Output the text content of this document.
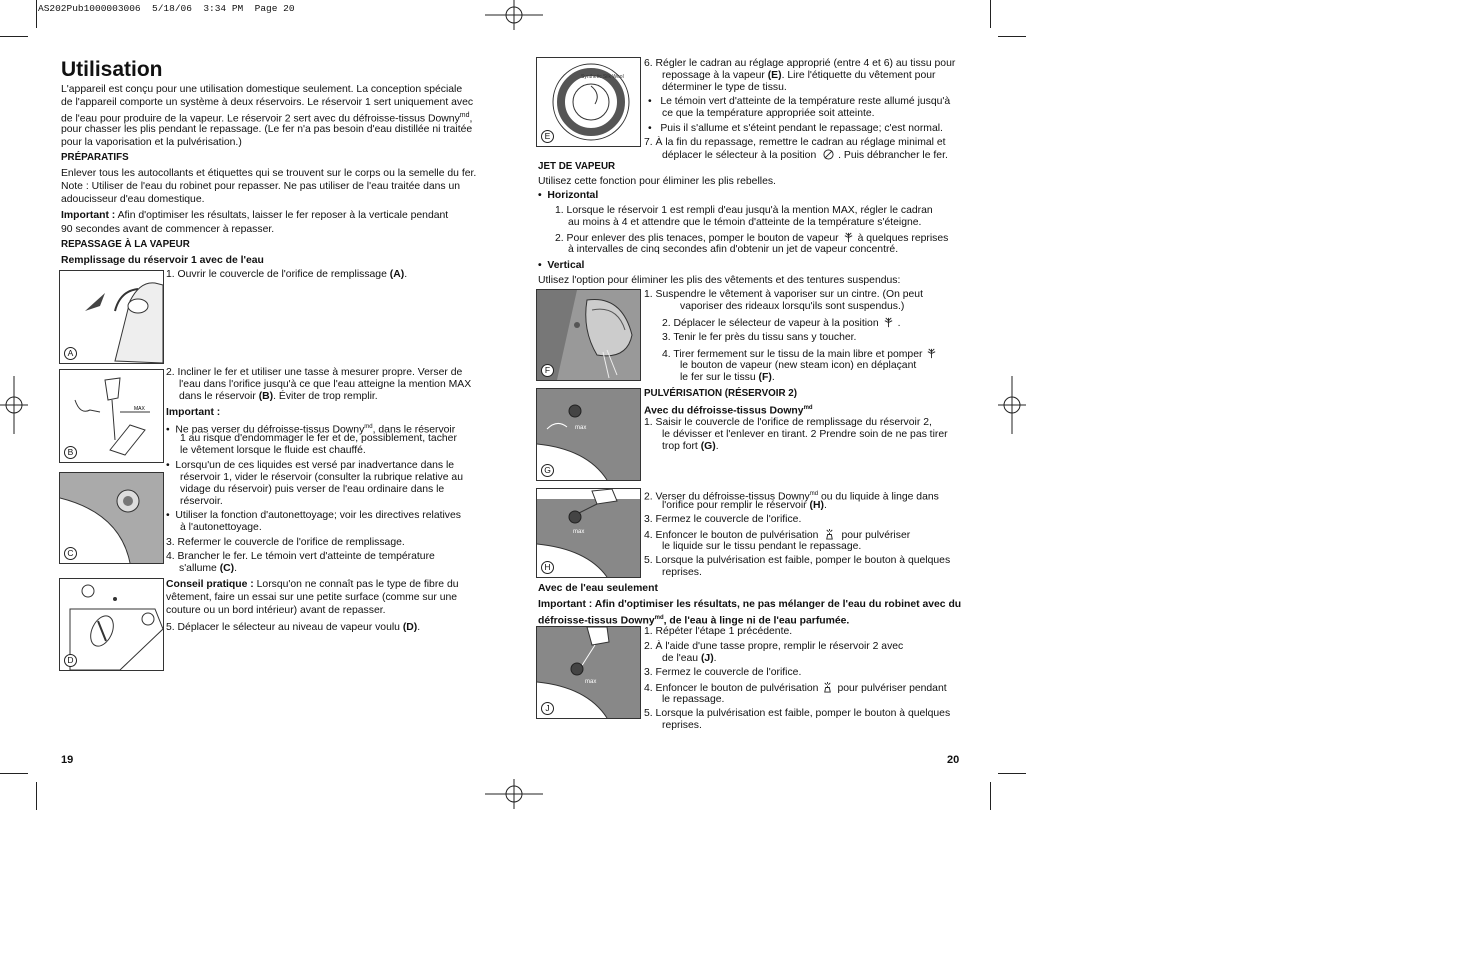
AS202Pub1000003006  5/18/06  3:34 PM  Page 20
Utilisation
L'appareil est conçu pour une utilisation domestique seulement. La conception spéciale
de l'appareil comporte un système à deux réservoirs. Le réservoir 1 sert uniquement avec
de l'eau pour produire de la vapeur. Le réservoir 2 sert avec du défroisse-tissus Downy$^{md}$,
pour chasser les plis pendant le repassage. (Le fer n'a pas besoin d'eau distillée ni traitée
pour la vaporisation et la pulvérisation.)
PRÉPARATIFS
Enlever tous les autocollants et étiquettes qui se trouvent sur le corps ou la semelle du fer.
Note : Utiliser de l'eau du robinet pour repasser. Ne pas utiliser de l'eau traitée dans un
adoucisseur d'eau domestique.
Important : Afin d'optimiser les résultats, laisser le fer reposer à la verticale pendant
90 secondes avant de commencer à repasser.
REPASSAGE À LA VAPEUR
Remplissage du réservoir 1 avec de l'eau
A
1. Ouvrir le couvercle de l'orifice de remplissage (A).
MAX
B
2. Incliner le fer et utiliser une tasse à mesurer propre. Verser de
l'eau dans l'orifice jusqu'à ce que l'eau atteigne la mention MAX
dans le réservoir (B). Éviter de trop remplir.
Important :
• Ne pas verser du défroisse-tissus Downy$^{md}$, dans le réservoir
1 au risque d'endommager le fer et de, possiblement, tacher
le vêtement lorsque le fluide est chauffé.
• Lorsqu'un de ces liquides est versé par inadvertance dans le
réservoir 1, vider le réservoir (consulter la rubrique relative au
vidage du réservoir) puis verser de l'eau ordinaire dans le
réservoir.
• Utiliser la fonction d'autonettoyage; voir les directives relatives
à l'autonettoyage.
C
3. Refermer le couvercle de l'orifice de remplissage.
4. Brancher le fer. Le témoin vert d'atteinte de température
s'allume (C).
D
Conseil pratique : Lorsqu'on ne connaît pas le type de fibre du
vêtement, faire un essai sur une petite surface (comme sur une
couture ou un bord intérieur) avant de repasser.
5. Déplacer le sélecteur au niveau de vapeur voulu (D).
19
Synthetic Silk Wool
E
6. Régler le cadran au réglage approprié (entre 4 et 6) au tissu pour
repossage à la vapeur (E). Lire l'étiquette du vêtement pour
déterminer le type de tissu.
• Le témoin vert d'atteinte de la température reste allumé jusqu'à
ce que la température appropriée soit atteinte.
• Puis il s'allume et s'éteint pendant le repassage; c'est normal.
7. À la fin du repassage, remettre le cadran au réglage minimal et
déplacer le sélecteur à la position . Puis débrancher le fer.
JET DE VAPEUR
Utilisez cette fonction pour éliminer les plis rebelles.
• Horizontal
1. Lorsque le réservoir 1 est rempli d'eau jusqu'à la mention MAX, régler le cadran
au moins à 4 et attendre que le témoin d'atteinte de la température s'éteigne.
2. Pour enlever des plis tenaces, pomper le bouton de vapeur à quelques reprises
à intervalles de cinq secondes afin d'obtenir un jet de vapeur concentré.
• Vertical
Utlisez l'option pour éliminer les plis des vêtements et des tentures suspendus:
F
1. Suspendre le vêtement à vaporiser sur un cintre. (On peut
vaporiser des rideaux lorsqu'ils sont suspendus.)
2. Déplacer le sélecteur de vapeur à la position .
3. Tenir le fer près du tissu sans y toucher.
4. Tirer fermement sur le tissu de la main libre et pomper
le bouton de vapeur (new steam icon) en déplaçant
le fer sur le tissu (F).
max
G
PULVÉRISATION (RÉSERVOIR 2)
Avec du défroisse-tissus Downy$^{md}$
1. Saisir le couvercle de l'orifice de remplissage du réservoir 2,
le dévisser et l'enlever en tirant. 2 Prendre soin de ne pas tirer
trop fort (G).
max
H
2. Verser du défroisse-tissus Downy$^{md}$ ou du liquide à linge dans
l'orifice pour remplir le réservoir (H).
3. Fermez le couvercle de l'orifice.
4. Enfoncer le bouton de pulvérisation pour pulvériser
le liquide sur le tissu pendant le repassage.
5. Lorsque la pulvérisation est faible, pomper le bouton à quelques
reprises.
Avec de l'eau seulement
Important : Afin d'optimiser les résultats, ne pas mélanger de l'eau du robinet avec du
défroisse-tissus Downy$^{md}$, de l'eau à linge ni de l'eau parfumée.
max
J
1. Répéter l'étape 1 précédente.
2. À l'aide d'une tasse propre, remplir le réservoir 2 avec
de l'eau (J).
3. Fermez le couvercle de l'orifice.
4. Enfoncer le bouton de pulvérisation pour pulvériser pendant
le repassage.
5. Lorsque la pulvérisation est faible, pomper le bouton à quelques
reprises.
20
